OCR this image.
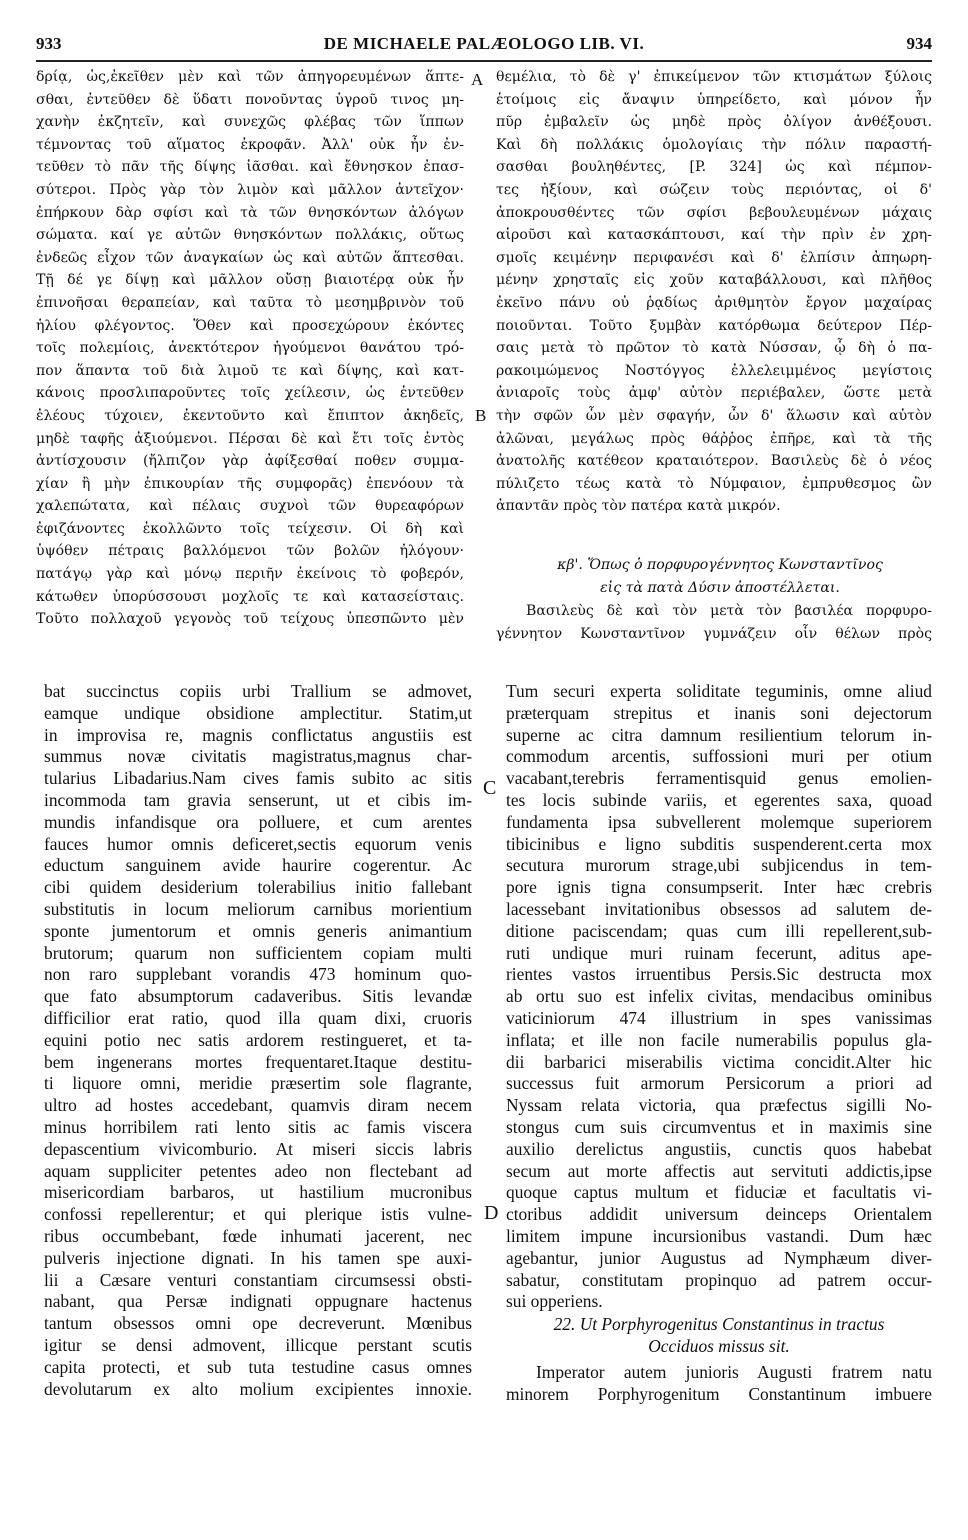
933	DE MICHAELE PALÆOLOGO LIB. VI.	934
δρίᾳ, ὡς,ἐκεῖθεν μὲν καὶ τῶν ἀπηγορευμένων ἅπτε-
σθαι, ἐντεῦθεν δὲ ὕδατι πονοῦντας ὑγροῦ τινος μη-
χανὴν ἐκζητεῖν, καὶ συνεχῶς φλέβας τῶν ἵππων
τέμνοντας τοῦ αἵματος ἐκροφᾶν. Ἀλλ' οὐκ ἦν ἐν-
τεῦθεν τὸ πᾶν τῆς δίψης ἰᾶσθαι. καὶ ἔθνησκον ἐπασ-
σύτεροι. Πρὸς γὰρ τὸν λιμὸν καὶ μᾶλλον ἀντεῖχον·
ἐπήρκουν δὰρ σφίσι καὶ τὰ τῶν θνησκόντων ἀλόγων
σώματα. καί γε αὐτῶν θνησκόντων πολλάκις, οὕτως
ἐνδεῶς εἶχον τῶν ἀναγκαίων ὡς καὶ αὐτῶν ἅπτεσθαι.
Τῇ δέ γε δίψῃ καὶ μᾶλλον οὔσῃ βιαιοτέρᾳ οὐκ ἦν
ἐπινοῆσαι θεραπείαν, καὶ ταῦτα τὸ μεσημβρινὸν τοῦ
ἡλίου φλέγοντος. Ὅθεν καὶ προσεχώρουν ἑκόντες
τοῖς πολεμίοις, ἀνεκτότερον ἡγούμενοι θανάτου τρό-
πον ἅπαντα τοῦ διὰ λιμοῦ τε καὶ δίψης, καὶ κατ-
κάνοις προσλιπαροῦντες τοῖς χείλεσιν, ὡς ἐντεῦθεν
ἐλέους τύχοιεν, ἐκεντοῦντο καὶ ἔπιπτον ἀκηδεῖς,
μηδὲ ταφῆς ἀξιούμενοι. Πέρσαι δὲ καὶ ἔτι τοῖς ἐντὸς
ἀντίσχουσιν (ἤλπιζον γὰρ ἀφίξεσθαί ποθεν συμμα-
χίαν ἢ μὴν ἐπικουρίαν τῆς συμφορᾶς) ἐπενόουν τὰ
χαλεπώτατα, καὶ πέλαις συχνοὶ τῶν θυρεαφόρων
ἐφιζάνοντες ἐκολλῶντο τοῖς τείχεσιν. Οἱ δὴ καὶ
ὑψόθεν πέτραις βαλλόμενοι τῶν βολῶν ἠλόγουν·
πατάγῳ γὰρ καὶ μόνῳ περιῆν ἐκείνοις τὸ φοβερόν,
κάτωθεν ὑπορύσσουσι μοχλοῖς τε καὶ κατασείσταις.
Τοῦτο πολλαχοῦ γεγονὸς τοῦ τείχους ὑπεσπῶντο μὲν
θεμέλια, τὸ δὲ γ' ἐπικείμενον τῶν κτισμάτων ξύλοις
ἑτοίμοις εἰς ἄναψιν ὑπηρείδετο, καὶ μόνον ἦν
πῦρ ἐμβαλεῖν ὡς μηδὲ πρὸς ὀλίγον ἀνθέξουσι.
Καὶ δὴ πολλάκις ὁμολογίαις τὴν πόλιν παραστή-
σασθαι βουληθέντες, [P. 324] ὡς καὶ πέμπον-
τες ἠξίουν, καὶ σώζειν τοὺς περιόντας, οἱ δ'
ἀποκρουσθέντες τῶν σφίσι βεβουλευμένων μάχαις
αἱροῦσι καὶ κατασκάπτουσι, καί τὴν πρὶν ἐν χρη-
σμοῖς κειμένην περιφανέσι καὶ δ' ἐλπίσιν ἀπηωρη-
μένην χρησταῖς εἰς χοῦν καταβάλλουσι, καὶ πλῆθος
ἐκεῖνο πάνυ οὐ ῥᾳδίως ἀριθμητὸν ἔργον μαχαίρας
ποιοῦνται. Τοῦτο ξυμβὰν κατόρθωμα δεύτερον Πέρ-
σαις μετὰ τὸ πρῶτον τὸ κατὰ Νύσσαν, ᾧ δὴ ὁ πα-
ρακοιμώμενος Νοστόγγος ἐλλελειμμένος μεγίστοις
ἀνιαροῖς τοὺς ἀμφ' αὐτὸν περιέβαλεν, ὥστε μετὰ
τὴν σφῶν ὧν μὲν σφαγήν, ὧν δ' ἅλωσιν καὶ αὐτὸν
ἀλῶναι, μεγάλως πρὸς θάῤῥος ἐπῆρε, καὶ τὰ τῆς
ἀνατολῆς κατέθεον κραταιότερον. Βασιλεὺς δὲ ὁ νέος
πύλιζετο τέως κατὰ τὸ Νύμφαιον, ἐμπρυθεσμος ὢν
ἀπαντᾶν πρὸς τὸν πατέρα κατὰ μικρόν.
κβ'. Ὅπως ὁ πορφυρογέννητος Κωνσταντῖνος
εἰς τὰ πατὰ Δύσιν ἀποστέλλεται.
Βασιλεὺς δὲ καὶ τὸν μετὰ τὸν βασιλέα πορφυρο-
γέννητον Κωνσταντῖνον γυμνάζειν οἷν θέλων πρὸς
bat succinctus copiis urbi Trallium se admovet,
eamque undique obsidione amplectitur. Statim,ut
in improvisa re, magnis conflictatus angustiis est
summus novæ civitatis magistratus,magnus char-
tularius Libadarius.Nam cives famis subito ac sitis
incommoda tam gravia senserunt, ut et cibis im-
mundis infandisque ora polluere, et cum arentes
fauces humor omnis deficeret,sectis equorum venis
eductum sanguinem avide haurire cogerentur. Ac
cibi quidem desiderium tolerabilius initio fallebant
substitutis in locum meliorum carnibus morientium
sponte jumentorum et omnis generis animantium
brutorum; quarum non sufficientem copiam multi
non raro supplebant vorandis 473 hominum quo-
que fato absumptorum cadaveribus. Sitis levandæ
difficilior erat ratio, quod illa quam dixi, cruoris
equini potio nec satis ardorem restingueret, et ta-
bem ingenerans mortes frequentaret.Itaque destitu-
ti liquore omni, meridie præsertim sole flagrante,
ultro ad hostes accedebant, quamvis diram necem
minus horribilem rati lento sitis ac famis viscera
depascentium vivicomburio. At miseri siccis labris
aquam suppliciter petentes adeo non flectebant ad
misericordiam barbaros, ut hastilium mucronibus
confossi repellerentur; et qui plerique istis vulne-
ribus occumbebant, fœde inhumati jacerent, nec
pulveris injectione dignati. In his tamen spe auxi-
lii a Cæsare venturi constantiam circumsessi obsti-
nabant, qua Persæ indignati oppugnare hactenus
tantum obsessos omni ope decreverunt. Mœnibus
igitur se densi admovent, illicque perstant scutis
capita protecti, et sub tuta testudine casus omnes
devolutarum ex alto molium excipientes innoxie.
Tum securi experta soliditate teguminis, omne aliud
præterquam strepitus et inanis soni dejectorum
superne ac citra damnum resilientium telorum in-
commodum arcentis, suffossioni muri per otium
vacabant,terebris ferramentisquid genus emolien-
tes locis subinde variis, et egerentes saxa, quoad
fundamenta ipsa subvellerent molemque superiorem
tibicinibus e ligno subditis suspenderent.certa mox
secutura murorum strage,ubi subjicendus in tem-
pore ignis tigna consumpserit. Inter hæc crebris
lacessebant invitationibus obsessos ad salutem de-
ditione paciscendam; quas cum illi repellerent,sub-
ruti undique muri ruinam fecerunt, aditus ape-
rientes vastos irruentibus Persis.Sic destructa mox
ab ortu suo est infelix civitas, mendacibus ominibus
vaticiniorum 474 illustrium in spes vanissimas
inflata; et ille non facile numerabilis populus gla-
dii barbarici miserabilis victima concidit.Alter hic
successus fuit armorum Persicorum a priori ad
Nyssam relata victoria, qua præfectus sigilli No-
stongus cum suis circumventus et in maximis sine
auxilio derelictus angustiis, cunctis quos habebat
secum aut morte affectis aut servituti addictis,ipse
quoque captus multum et fiduciæ et facultatis vi-
ctoribus addidit universum deinceps Orientalem
limitem impune incursionibus vastandi. Dum hæc
agebantur, junior Augustus ad Nymphæum diver-
sabatur, constitutam propinquo ad patrem occur-
sui opperiens.
22. Ut Porphyrogenitus Constantinus in tractus
Occiduos missus sit.
Imperator autem junioris Augusti fratrem natu
minorem Porphyrogenitum Constantinum imbuere
A
B
C
D
